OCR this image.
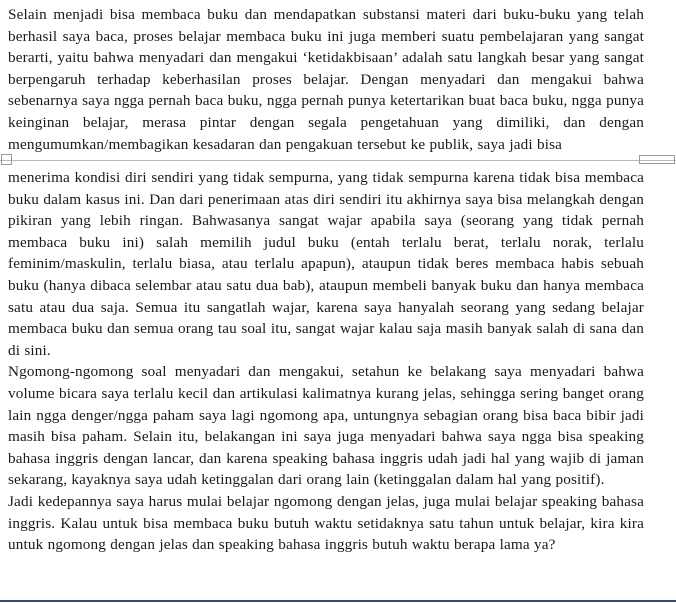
Selain menjadi bisa membaca buku dan mendapatkan substansi materi dari buku-buku yang telah berhasil saya baca, proses belajar membaca buku ini juga memberi suatu pembelajaran yang sangat berarti, yaitu bahwa menyadari dan mengakui ‘ketidakbisaan’ adalah satu langkah besar yang sangat berpengaruh terhadap keberhasilan proses belajar. Dengan menyadari dan mengakui bahwa sebenarnya saya ngga pernah baca buku, ngga pernah punya ketertarikan buat baca buku, ngga punya keinginan belajar, merasa pintar dengan segala pengetahuan yang dimiliki, dan dengan mengumumkan/membagikan kesadaran dan pengakuan tersebut ke publik, saya jadi bisa

menerima kondisi diri sendiri yang tidak sempurna, yang tidak sempurna karena tidak bisa membaca buku dalam kasus ini. Dan dari penerimaan atas diri sendiri itu akhirnya saya bisa melangkah dengan pikiran yang lebih ringan. Bahwasanya sangat wajar apabila saya (seorang yang tidak pernah membaca buku ini) salah memilih judul buku (entah terlalu berat, terlalu norak, terlalu feminim/maskulin, terlalu biasa, atau terlalu apapun), ataupun tidak beres membaca habis sebuah buku (hanya dibaca selembar atau satu dua bab), ataupun membeli banyak buku dan hanya membaca satu atau dua saja. Semua itu sangatlah wajar, karena saya hanyalah seorang yang sedang belajar membaca buku dan semua orang tau soal itu, sangat wajar kalau saja masih banyak salah di sana dan di sini.

Ngomong-ngomong soal menyadari dan mengakui, setahun ke belakang saya menyadari bahwa volume bicara saya terlalu kecil dan artikulasi kalimatnya kurang jelas, sehingga sering banget orang lain ngga denger/ngga paham saya lagi ngomong apa, untungnya sebagian orang bisa baca bibir jadi masih bisa paham. Selain itu, belakangan ini saya juga menyadari bahwa saya ngga bisa speaking bahasa inggris dengan lancar, dan karena speaking bahasa inggris udah jadi hal yang wajib di jaman sekarang, kayaknya saya udah ketinggalan dari orang lain (ketinggalan dalam hal yang positif).

Jadi kedepannya saya harus mulai belajar ngomong dengan jelas, juga mulai belajar speaking bahasa inggris. Kalau untuk bisa membaca buku butuh waktu setidaknya satu tahun untuk belajar, kira kira untuk ngomong dengan jelas dan speaking bahasa inggris butuh waktu berapa lama ya?
